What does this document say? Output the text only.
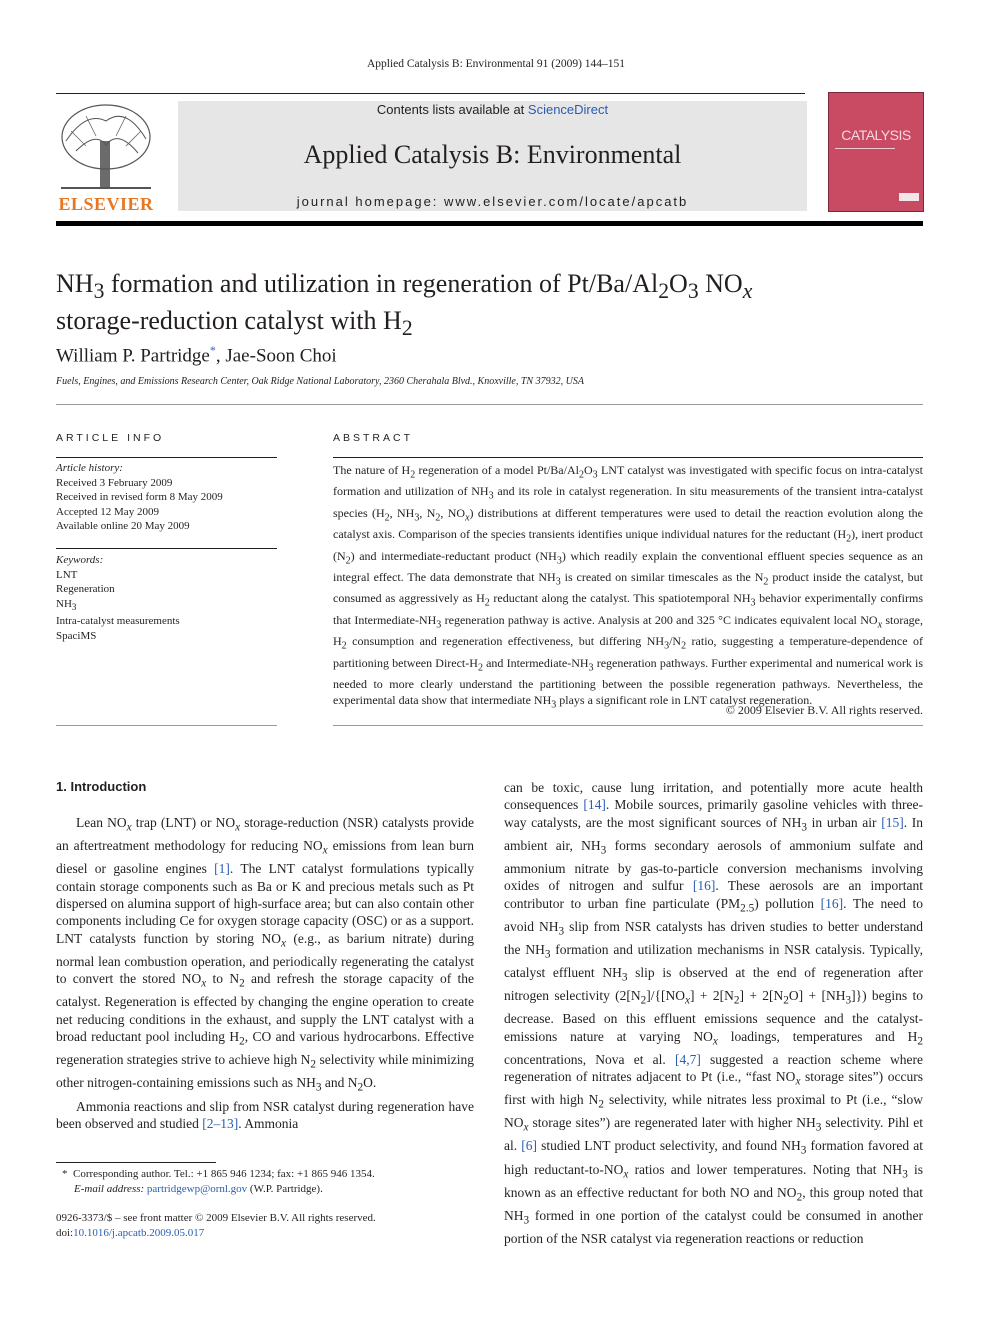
Applied Catalysis B: Environmental 91 (2009) 144–151
ELSEVIER
Contents lists available at ScienceDirect
Applied Catalysis B: Environmental
journal homepage: www.elsevier.com/locate/apcatb
CATALYSIS
$NH_3$ formation and utilization in regeneration of $Pt/Ba/Al_2O_3$ $NO_x$
storage-reduction catalyst with $H_2$
William P. Partridge*, Jae-Soon Choi
Fuels, Engines, and Emissions Research Center, Oak Ridge National Laboratory, 2360 Cherahala Blvd., Knoxville, TN 37932, USA
ARTICLE INFO
Article history:
Received 3 February 2009
Received in revised form 8 May 2009
Accepted 12 May 2009
Available online 20 May 2009
Keywords:
LNT
Regeneration
$NH_3$
Intra-catalyst measurements
SpaciMS
ABSTRACT
The nature of $H_2$ regeneration of a model $Pt/Ba/Al_2O_3$ LNT catalyst was investigated with specific focus on intra-catalyst formation and utilization of $NH_3$ and its role in catalyst regeneration. In situ measurements of the transient intra-catalyst species ($H_2$, $NH_3$, $N_2$, $NO_x$) distributions at different temperatures were used to detail the reaction evolution along the catalyst axis. Comparison of the species transients identifies unique individual natures for the reductant $(H_2)$, inert product $(N_2)$ and intermediate-reductant product $(NH_3)$ which readily explain the conventional effluent species sequence as an integral effect. The data demonstrate that $NH_3$ is created on similar timescales as the $N_2$ product inside the catalyst, but consumed as aggressively as $H_2$ reductant along the catalyst. This spatiotemporal $NH_3$ behavior experimentally confirms that Intermediate-$NH_3$ regeneration pathway is active. Analysis at 200 and 325 °C indicates equivalent local $NO_x$ storage, $H_2$ consumption and regeneration effectiveness, but differing $NH_3/N_2$ ratio, suggesting a temperature-dependence of partitioning between Direct-$H_2$ and Intermediate-$NH_3$ regeneration pathways. Further experimental and numerical work is needed to more clearly understand the partitioning between the possible regeneration pathways. Nevertheless, the experimental data show that intermediate $NH_3$ plays a significant role in LNT catalyst regeneration.
© 2009 Elsevier B.V. All rights reserved.
1. Introduction

Lean $NO_x$ trap (LNT) or $NO_x$ storage-reduction (NSR) catalysts provide an aftertreatment methodology for reducing $NO_x$ emissions from lean burn diesel or gasoline engines [1]. The LNT catalyst formulations typically contain storage components such as Ba or K and precious metals such as Pt dispersed on alumina support of high-surface area; but can also contain other components including Ce for oxygen storage capacity (OSC) or as a support. LNT catalysts function by storing $NO_x$ (e.g., as barium nitrate) during normal lean combustion operation, and periodically regenerating the catalyst to convert the stored $NO_x$ to $N_2$ and refresh the storage capacity of the catalyst. Regeneration is effected by changing the engine operation to create net reducing conditions in the exhaust, and supply the LNT catalyst with a broad reductant pool including $H_2$, CO and various hydrocarbons. Effective regeneration strategies strive to achieve high $N_2$ selectivity while minimizing other nitrogen-containing emissions such as $NH_3$ and $N_2O$.

Ammonia reactions and slip from NSR catalyst during regeneration have been observed and studied [2–13]. Ammonia

can be toxic, cause lung irritation, and potentially more acute health consequences [14]. Mobile sources, primarily gasoline vehicles with three-way catalysts, are the most significant sources of $NH_3$ in urban air [15]. In ambient air, $NH_3$ forms secondary aerosols of ammonium sulfate and ammonium nitrate by gas-to-particle conversion mechanisms involving oxides of nitrogen and sulfur [16]. These aerosols are an important contributor to urban fine particulate $(PM_{2.5})$ pollution [16]. The need to avoid $NH_3$ slip from NSR catalysts has driven studies to better understand the $NH_3$ formation and utilization mechanisms in NSR catalysis. Typically, catalyst effluent $NH_3$ slip is observed at the end of regeneration after nitrogen selectivity $(2[N_2]/\{[NO_x] + 2[N_2] + 2[N_2O] + [NH_3]\})$ begins to decrease. Based on this effluent emissions sequence and the catalyst-emissions nature at varying $NO_x$ loadings, temperatures and $H_2$ concentrations, Nova et al. [4,7] suggested a reaction scheme where regeneration of nitrates adjacent to Pt (i.e., “fast $NO_x$ storage sites”) occurs first with high $N_2$ selectivity, while nitrates less proximal to Pt (i.e., “slow $NO_x$ storage sites”) are regenerated later with higher $NH_3$ selectivity. Pihl et al. [6] studied LNT product selectivity, and found $NH_3$ formation favored at high reductant-$to-NO_x$ ratios and lower temperatures. Noting that $NH_3$ is known as an effective reductant for both NO and $NO_2$, this group noted that $NH_3$ formed in one portion of the catalyst could be consumed in another portion of the NSR catalyst via regeneration reactions or reduction

* Corresponding author. Tel.: +1 865 946 1234; fax: +1 865 946 1354.
E-mail address: partridgewp@ornl.gov (W.P. Partridge).
0926-3373/$ – see front matter © 2009 Elsevier B.V. All rights reserved.
doi:10.1016/j.apcatb.2009.05.017
